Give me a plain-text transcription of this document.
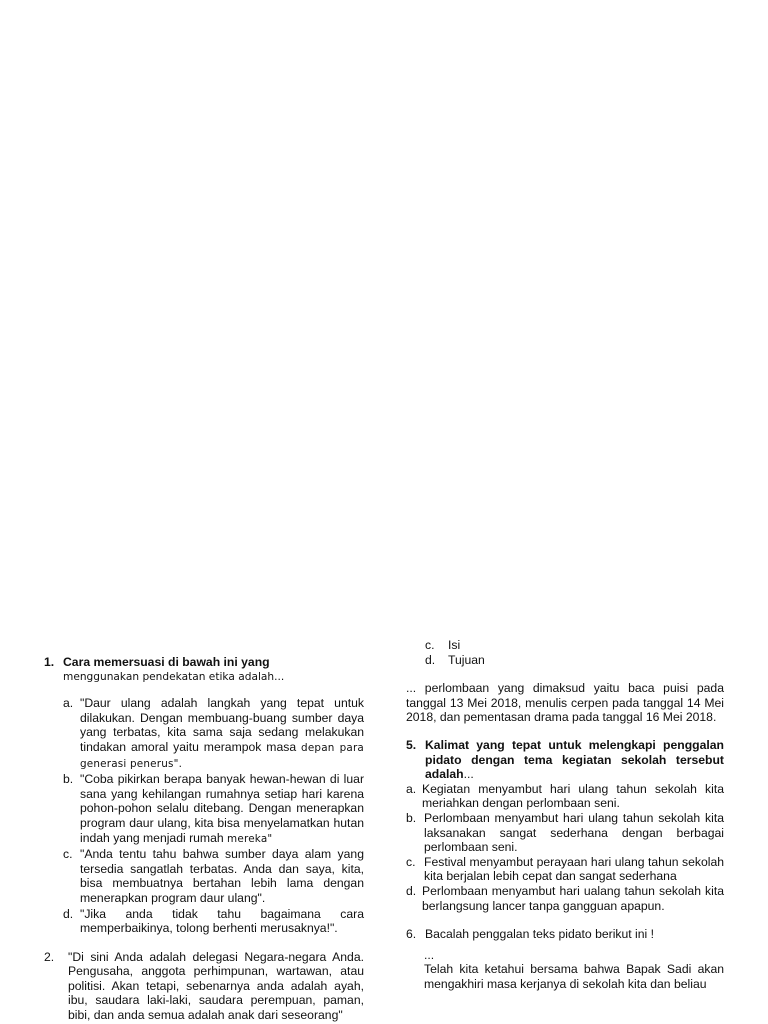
1. Cara memersuasi di bawah ini yang
menggunakan pendekatan etika adalah...
a. "Daur ulang adalah langkah yang tepat untuk dilakukan. Dengan membuang-buang sumber daya yang terbatas, kita sama saja sedang melakukan tindakan amoral yaitu merampok masa depan para generasi penerus".
b. "Coba pikirkan berapa banyak hewan-hewan di luar sana yang kehilangan rumahnya setiap hari karena pohon-pohon selalu ditebang. Dengan menerapkan program daur ulang, kita bisa menyelamatkan hutan indah yang menjadi rumah mereka"
c. "Anda tentu tahu bahwa sumber daya alam yang tersedia sangatlah terbatas. Anda dan saya, kita, bisa membuatnya bertahan lebih lama dengan menerapkan program daur ulang".
d. "Jika anda tidak tahu bagaimana cara memperbaikinya, tolong berhenti merusaknya!".
2.	"Di sini Anda adalah delegasi Negara-negara Anda. Pengusaha, anggota perhimpunan, wartawan, atau politisi. Akan tetapi, sebenarnya anda adalah ayah, ibu, saudara laki-laki, saudara perempuan, paman, bibi, dan anda semua adalah anak dari seseorang"
c.	Isi
d.	Tujuan
... perlombaan yang dimaksud yaitu baca puisi pada tanggal 13 Mei 2018, menulis cerpen pada tanggal 14 Mei 2018, dan pementasan drama pada tanggal 16 Mei 2018.
5. Kalimat yang tepat untuk melengkapi penggalan pidato dengan tema kegiatan sekolah tersebut adalah...
a. Kegiatan menyambut hari ulang tahun sekolah kita meriahkan dengan perlombaan seni.
b. Perlombaan menyambut hari ulang tahun sekolah kita laksanakan sangat sederhana dengan berbagai perlombaan seni.
c. Festival menyambut perayaan hari ulang tahun sekolah kita berjalan lebih cepat dan sangat sederhana
d. Perlombaan menyambut hari ualang tahun sekolah kita berlangsung lancer tanpa gangguan apapun.
6. Bacalah penggalan teks pidato berikut ini !
...
Telah kita ketahui bersama bahwa Bapak Sadi akan mengakhiri masa kerjanya di sekolah kita dan beliau
